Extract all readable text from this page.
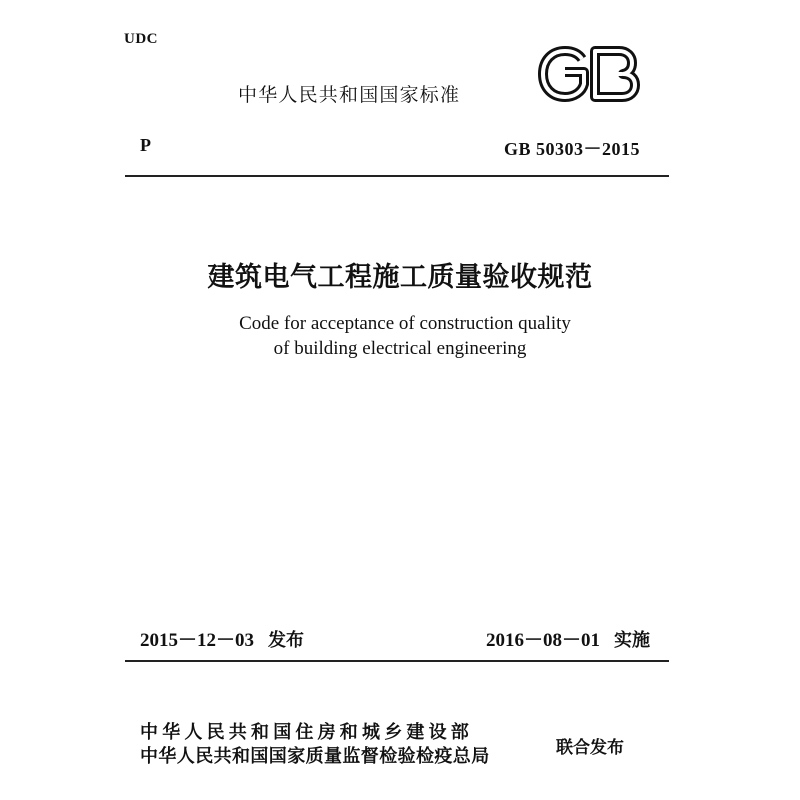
UDC
中华人民共和国国家标准
P	GB 50303－2015
建筑电气工程施工质量验收规范
Code for acceptance of construction quality
of building electrical engineering
2015－12－03 发布	2016－08－01 实施
中华人民共和国住房和城乡建设部
中华人民共和国国家质量监督检验检疫总局	联合发布
